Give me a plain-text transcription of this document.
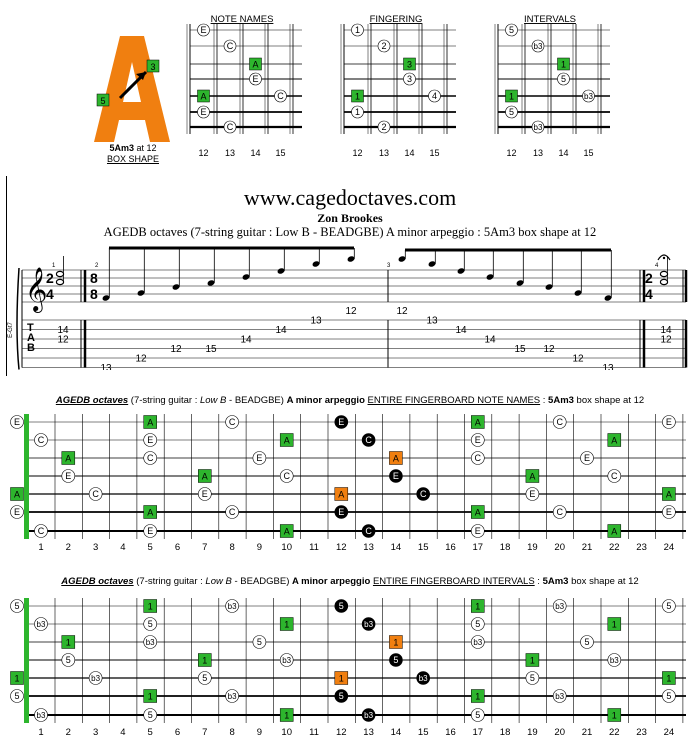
5
3
5Am3 at 12
BOX SHAPE
NOTE NAMES
12 13 14 15
E
C
A
E
A	C
E
C
FINGERING
12 13 14 15
1
2
3
3
1	4
1
2
INTERVALS
12 13 14 15
5
b3
1
5
1	b3
5
b3
www.cagedoctaves.com
Zon Brookes
AGEDB octaves (7-string guitar : Low B - BEADGBE) A minor arpeggio : 5Am3 box shape at 12
E-Gt7
𝄞
2
4
8
8
2
4
1	2	3	4
T
A
B
14
12
13
12
12 15
14
14
13
12	12
13
14
14
15 12
12
13
14
12
AGEDB octaves (7-string guitar : Low B - BEADGBE) A minor arpeggio ENTIRE FINGERBOARD NOTE NAMES : 5Am3 box shape at 12
E	A	C	E	A	C	E
C	E	A	C	E	A
A	C	E	A	C	E
E	A	C	E	A	C
A	C	E	A	C	E	A
E	A	C	E	A	C	E
C	E	A	C	E	A
1 2 3 4 5 6 7 8 9 10 11 12 13 14 15 16 17 18 19 20 21 22 23 24
AGEDB octaves (7-string guitar : Low B - BEADGBE) A minor arpeggio ENTIRE FINGERBOARD INTERVALS : 5Am3 box shape at 12
5	1	b3	5	1	b3	5
b3	5	1	b3	5	1
1	b3	5	1	b3	5
5	1	b3	5	1	b3
1	b3	5	1	b3	5	1
5	1	b3	5	1	b3	5
b3	5	1	b3	5	1
1 2 3 4 5 6 7 8 9 10 11 12 13 14 15 16 17 18 19 20 21 22 23 24
